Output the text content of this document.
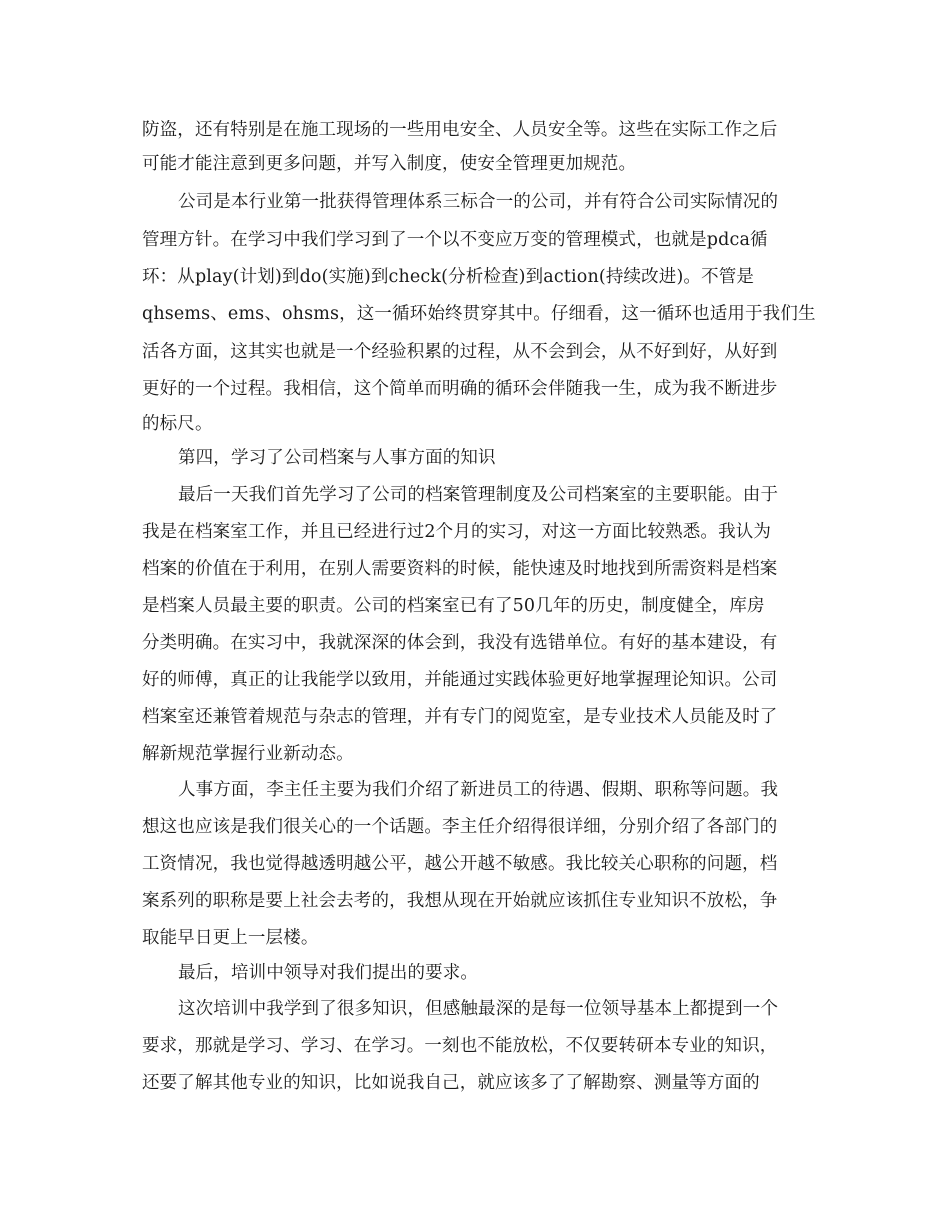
防盗，还有特别是在施工现场的一些用电安全、人员安全等。这些在实际工作之后
可能才能注意到更多问题，并写入制度，使安全管理更加规范。
公司是本行业第一批获得管理体系三标合一的公司，并有符合公司实际情况的
管理方针。在学习中我们学习到了一个以不变应万变的管理模式，也就是pdca循
环：从play(计划)到do(实施)到check(分析检查)到action(持续改进)。不管是
qhsems、ems、ohsms，这一循环始终贯穿其中。仔细看，这一循环也适用于我们生
活各方面，这其实也就是一个经验积累的过程，从不会到会，从不好到好，从好到
更好的一个过程。我相信，这个简单而明确的循环会伴随我一生，成为我不断进步
的标尺。
第四，学习了公司档案与人事方面的知识
最后一天我们首先学习了公司的档案管理制度及公司档案室的主要职能。由于
我是在档案室工作，并且已经进行过2个月的实习，对这一方面比较熟悉。我认为
档案的价值在于利用，在别人需要资料的时候，能快速及时地找到所需资料是档案
是档案人员最主要的职责。公司的档案室已有了50几年的历史，制度健全，库房
分类明确。在实习中，我就深深的体会到，我没有选错单位。有好的基本建设，有
好的师傅，真正的让我能学以致用，并能通过实践体验更好地掌握理论知识。公司
档案室还兼管着规范与杂志的管理，并有专门的阅览室，是专业技术人员能及时了
解新规范掌握行业新动态。
人事方面，李主任主要为我们介绍了新进员工的待遇、假期、职称等问题。我
想这也应该是我们很关心的一个话题。李主任介绍得很详细，分别介绍了各部门的
工资情况，我也觉得越透明越公平，越公开越不敏感。我比较关心职称的问题，档
案系列的职称是要上社会去考的，我想从现在开始就应该抓住专业知识不放松，争
取能早日更上一层楼。
最后，培训中领导对我们提出的要求。
这次培训中我学到了很多知识，但感触最深的是每一位领导基本上都提到一个
要求，那就是学习、学习、在学习。一刻也不能放松，不仅要转研本专业的知识，
还要了解其他专业的知识，比如说我自己，就应该多了了解勘察、测量等方面的
